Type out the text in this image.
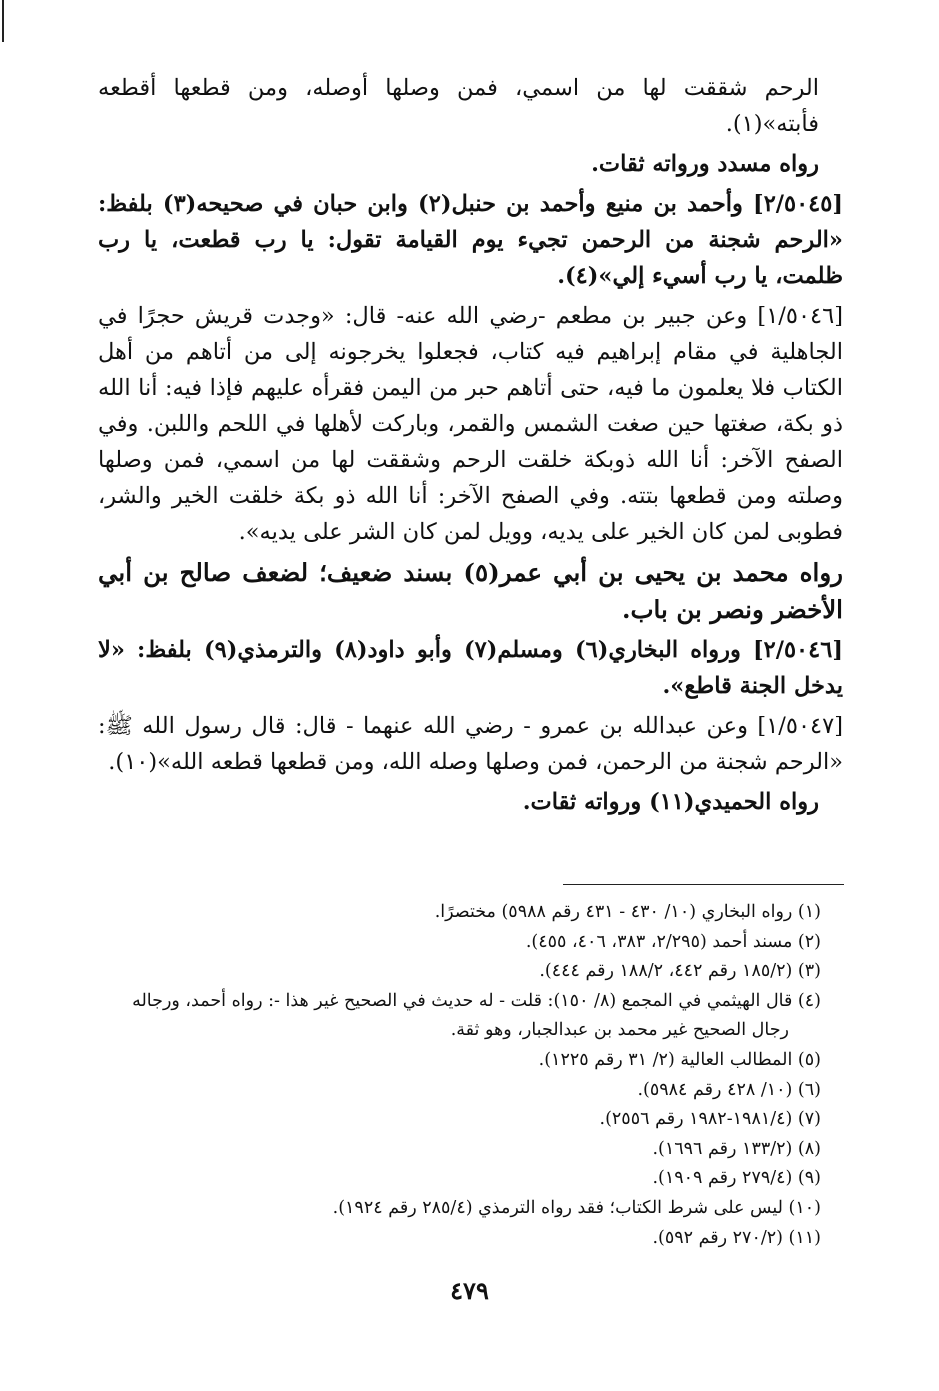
الرحم شققت لها من اسمي، فمن وصلها أوصله، ومن قطعها أقطعه فأبته»(١).

رواه مسدد ورواته ثقات.

[٢/٥٠٤٥] وأحمد بن منيع وأحمد بن حنبل(٢) وابن حبان في صحيحه(٣) بلفظ: «الرحم شجنة من الرحمن تجيء يوم القيامة تقول: يا رب قطعت، يا رب ظلمت، يا رب أسيء إلي»(٤).

[١/٥٠٤٦] وعن جبير بن مطعم -رضي الله عنه- قال: «وجدت قريش حجرًا في الجاهلية في مقام إبراهيم فيه كتاب، فجعلوا يخرجونه إلى من أتاهم من أهل الكتاب فلا يعلمون ما فيه، حتى أتاهم حبر من اليمن فقرأه عليهم فإذا فيه: أنا الله ذو بكة، صغتها حين صغت الشمس والقمر، وباركت لأهلها في اللحم واللبن. وفي الصفح الآخر: أنا الله ذوبكة خلقت الرحم وشققت لها من اسمي، فمن وصلها وصلته ومن قطعها بتته. وفي الصفح الآخر: أنا الله ذو بكة خلقت الخير والشر، فطوبى لمن كان الخير على يديه، وويل لمن كان الشر على يديه».

رواه محمد بن يحيى بن أبي عمر(٥) بسند ضعيف؛ لضعف صالح بن أبي الأخضر ونصر بن باب.

[٢/٥٠٤٦] ورواه البخاري(٦) ومسلم(٧) وأبو داود(٨) والترمذي(٩) بلفظ: «لا يدخل الجنة قاطع».

[١/٥٠٤٧] وعن عبدالله بن عمرو - رضي الله عنهما - قال: قال رسول الله ﷺ: «الرحم شجنة من الرحمن، فمن وصلها وصله الله، ومن قطعها قطعه الله»(١٠).

رواه الحميدي(١١) ورواته ثقات.

(١) رواه البخاري (١٠/ ٤٣٠ - ٤٣١ رقم ٥٩٨٨) مختصرًا.

(٢) مسند أحمد (٢/٢٩٥، ٣٨٣، ٤٠٦، ٤٥٥).

(٣) (١٨٥/٢ رقم ٤٤٢، ١٨٨/٢ رقم ٤٤٤).

(٤) قال الهيثمي في المجمع (٨/ ١٥٠): قلت - له حديث في الصحيح غير هذا -: رواه أحمد، ورجاله

رجال الصحيح غير محمد بن عبدالجبار، وهو ثقة.

(٥) المطالب العالية (٢/ ٣١ رقم ١٢٢٥).

(٦) (١٠/ ٤٢٨ رقم ٥٩٨٤).

(٧) (١٩٨١/٤-١٩٨٢ رقم ٢٥٥٦).

(٨) (١٣٣/٢ رقم ١٦٩٦).

(٩) (٢٧٩/٤ رقم ١٩٠٩).

(١٠) ليس على شرط الكتاب؛ فقد رواه الترمذي (٢٨٥/٤ رقم ١٩٢٤).

(١١) (٢٧٠/٢ رقم ٥٩٢).

٤٧٩
